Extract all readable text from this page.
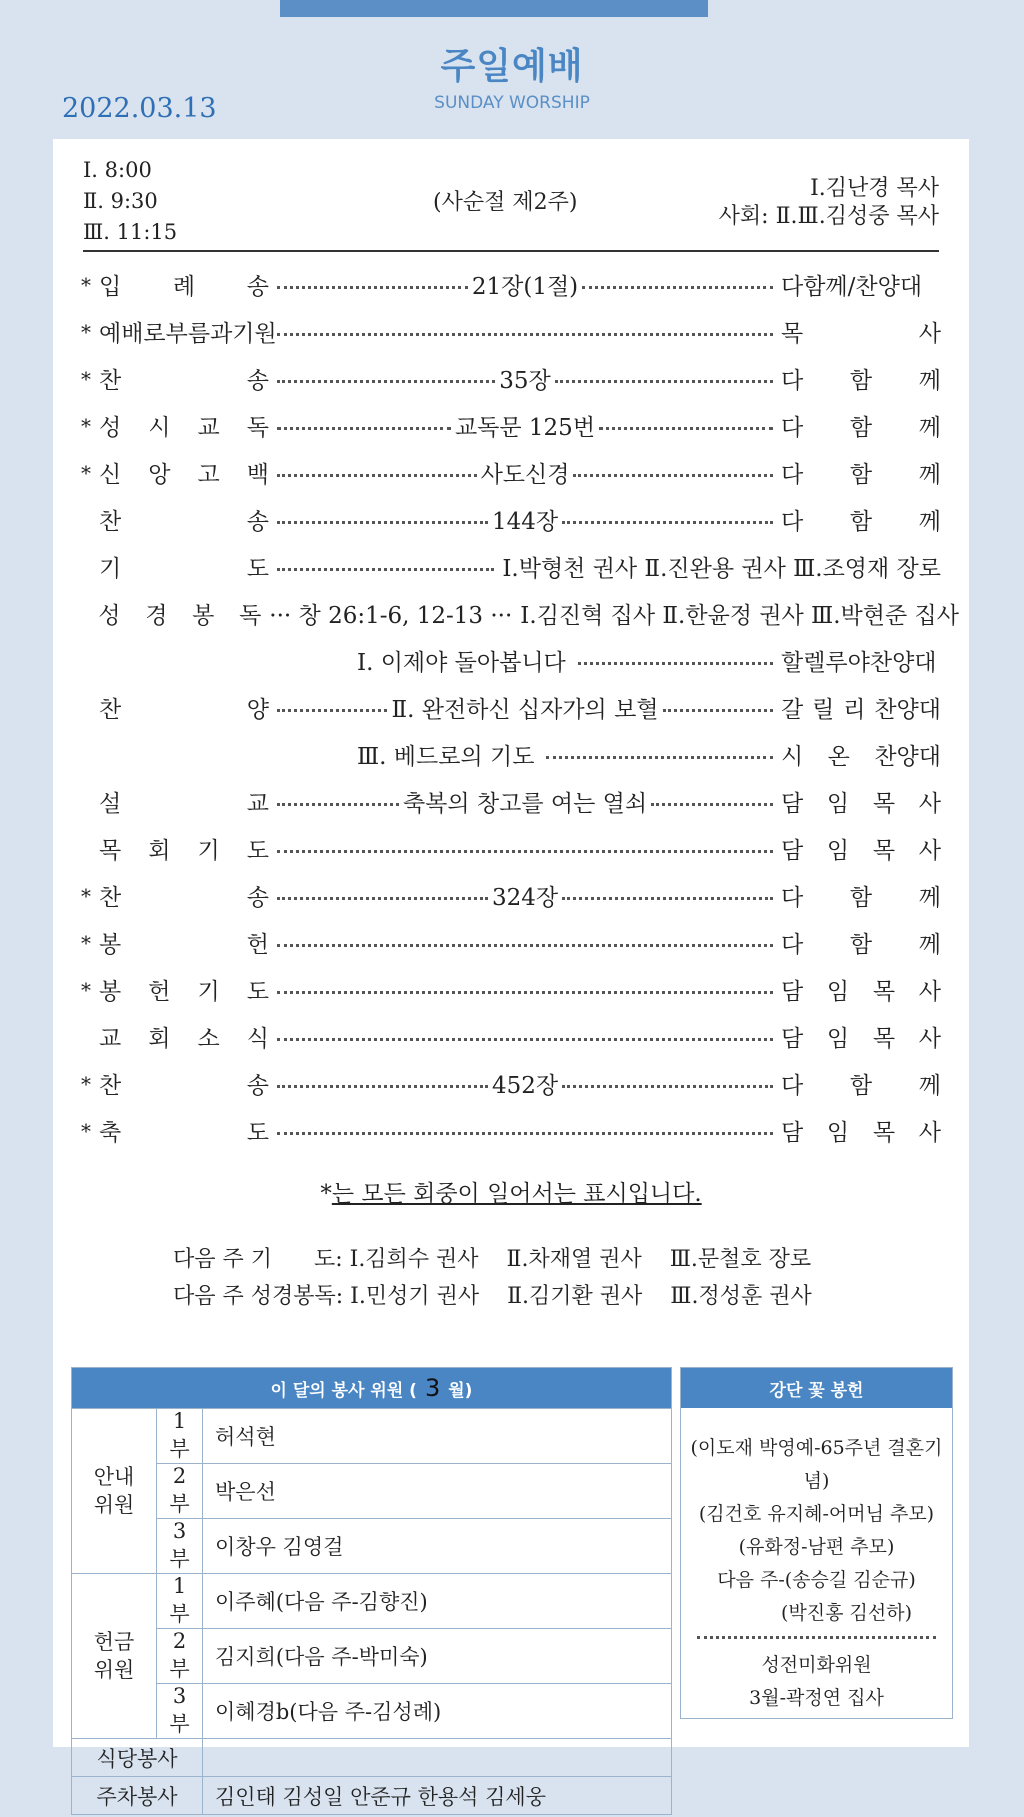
주일예배
SUNDAY WORSHIP
2022.03.13
Ⅰ. 8:00
Ⅱ. 9:30
Ⅲ. 11:15
(사순절 제2주)
Ⅰ.김난경 목사
사회: Ⅱ.Ⅲ.김성중 목사
* 입 례 송	21장(1절)	다함께/찬양대
* 예배로부름과기원	목	사
* 찬	송	35장	다 함 께
* 성 시 교 독	교독문 125번	다 함 께
* 신 앙 고 백	사도신경	다 함 께
찬	송	144장	다 함 께
기	도	Ⅰ.박형천 권사 Ⅱ.진완용 권사 Ⅲ.조영재 장로
성 경 봉 독 ··· 창 26:1-6, 12-13 ··· Ⅰ.김진혁 집사 Ⅱ.한윤정 권사 Ⅲ.박현준 집사
Ⅰ. 이제야 돌아봅니다	할렐루야찬양대
찬	양	Ⅱ. 완전하신 십자가의 보혈	갈 릴 리 찬양대
Ⅲ. 베드로의 기도	시 온 찬양대
설	교	축복의 창고를 여는 열쇠	담 임 목 사
목 회 기 도	담 임 목 사
* 찬	송	324장	다 함 께
* 봉	헌	다 함 께
* 봉 헌 기 도	담 임 목 사
교 회 소 식	담 임 목 사
* 찬	송	452장	다 함 께
* 축	도	담 임 목 사
*는 모든 회중이 일어서는 표시입니다.
다음 주 기      도: Ⅰ.김희수 권사    Ⅱ.차재열 권사    Ⅲ.문철호 장로
다음 주 성경봉독: Ⅰ.민성기 권사    Ⅱ.김기환 권사    Ⅲ.정성훈 권사
이 달의 봉사 위원 ( 3 월)		
안내
위원	1부	허석현
	2부	박은선
	3부	이창우 김영걸
헌금
위원	1부	이주혜(다음 주-김향진)
	2부	김지희(다음 주-박미숙)
	3부	이혜경b(다음 주-김성례)
식당봉사		
주차봉사		김인태 김성일 안준규 한용석 김세웅
강단 꽃 봉헌
(이도재 박영예-65주년 결혼기념)
(김건호 유지혜-어머님 추모)
(유화정-남편 추모)
다음 주-(송승길 김순규)
(박진홍 김선하)
성전미화위원
3월-곽정연 집사
